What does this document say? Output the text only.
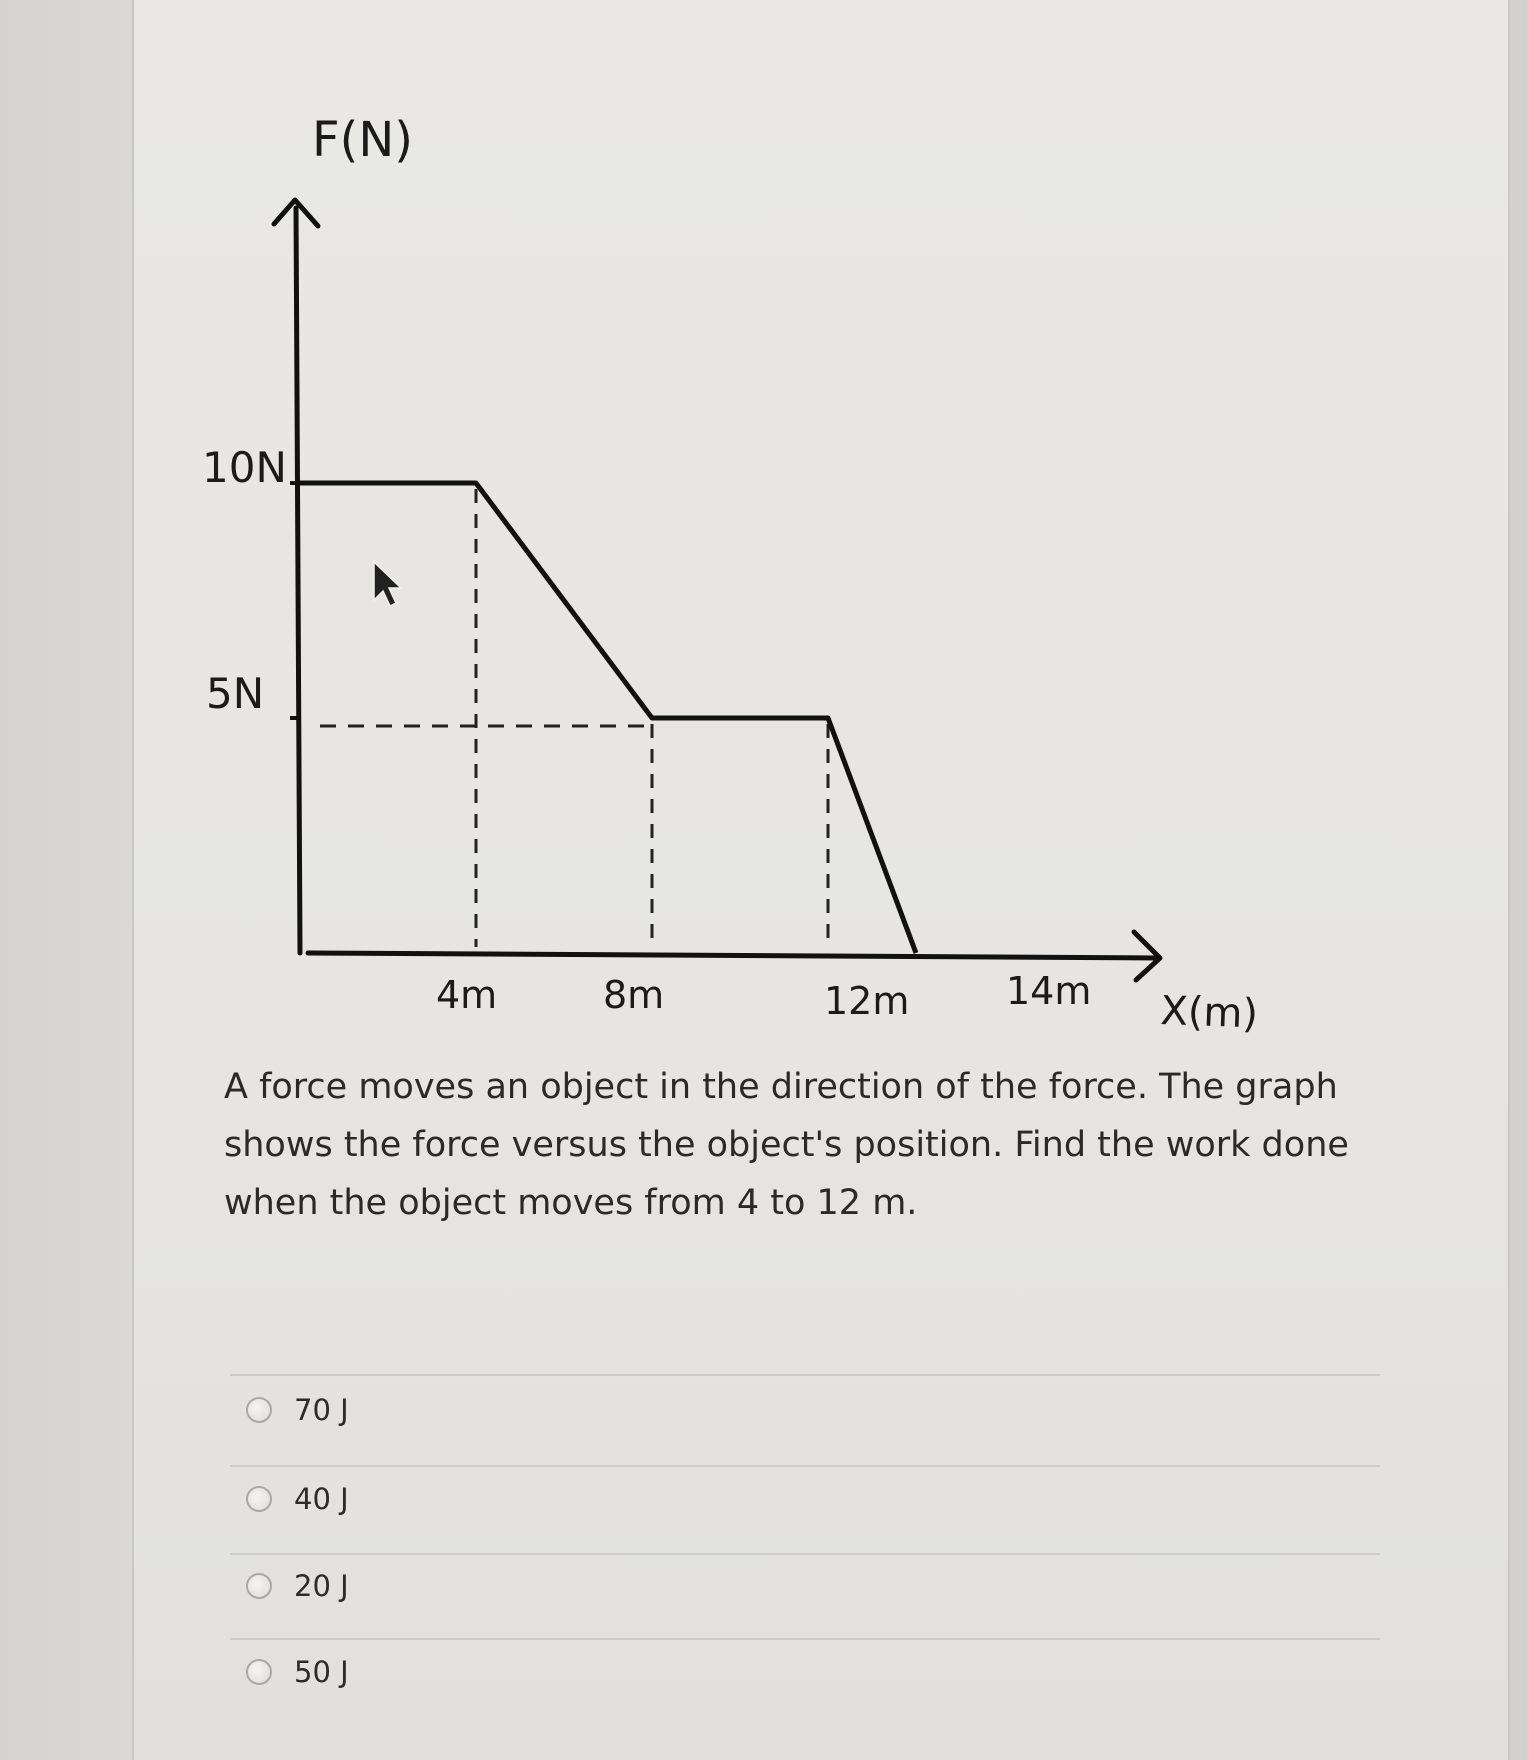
F(N)
X(m)
10N
5N
4m	8m	12m	14m

A force moves an object in the direction of the force. The graph shows the force versus the object's position. Find the work done when the object moves from 4 to 12 m.

70 J
40 J
20 J
50 J
